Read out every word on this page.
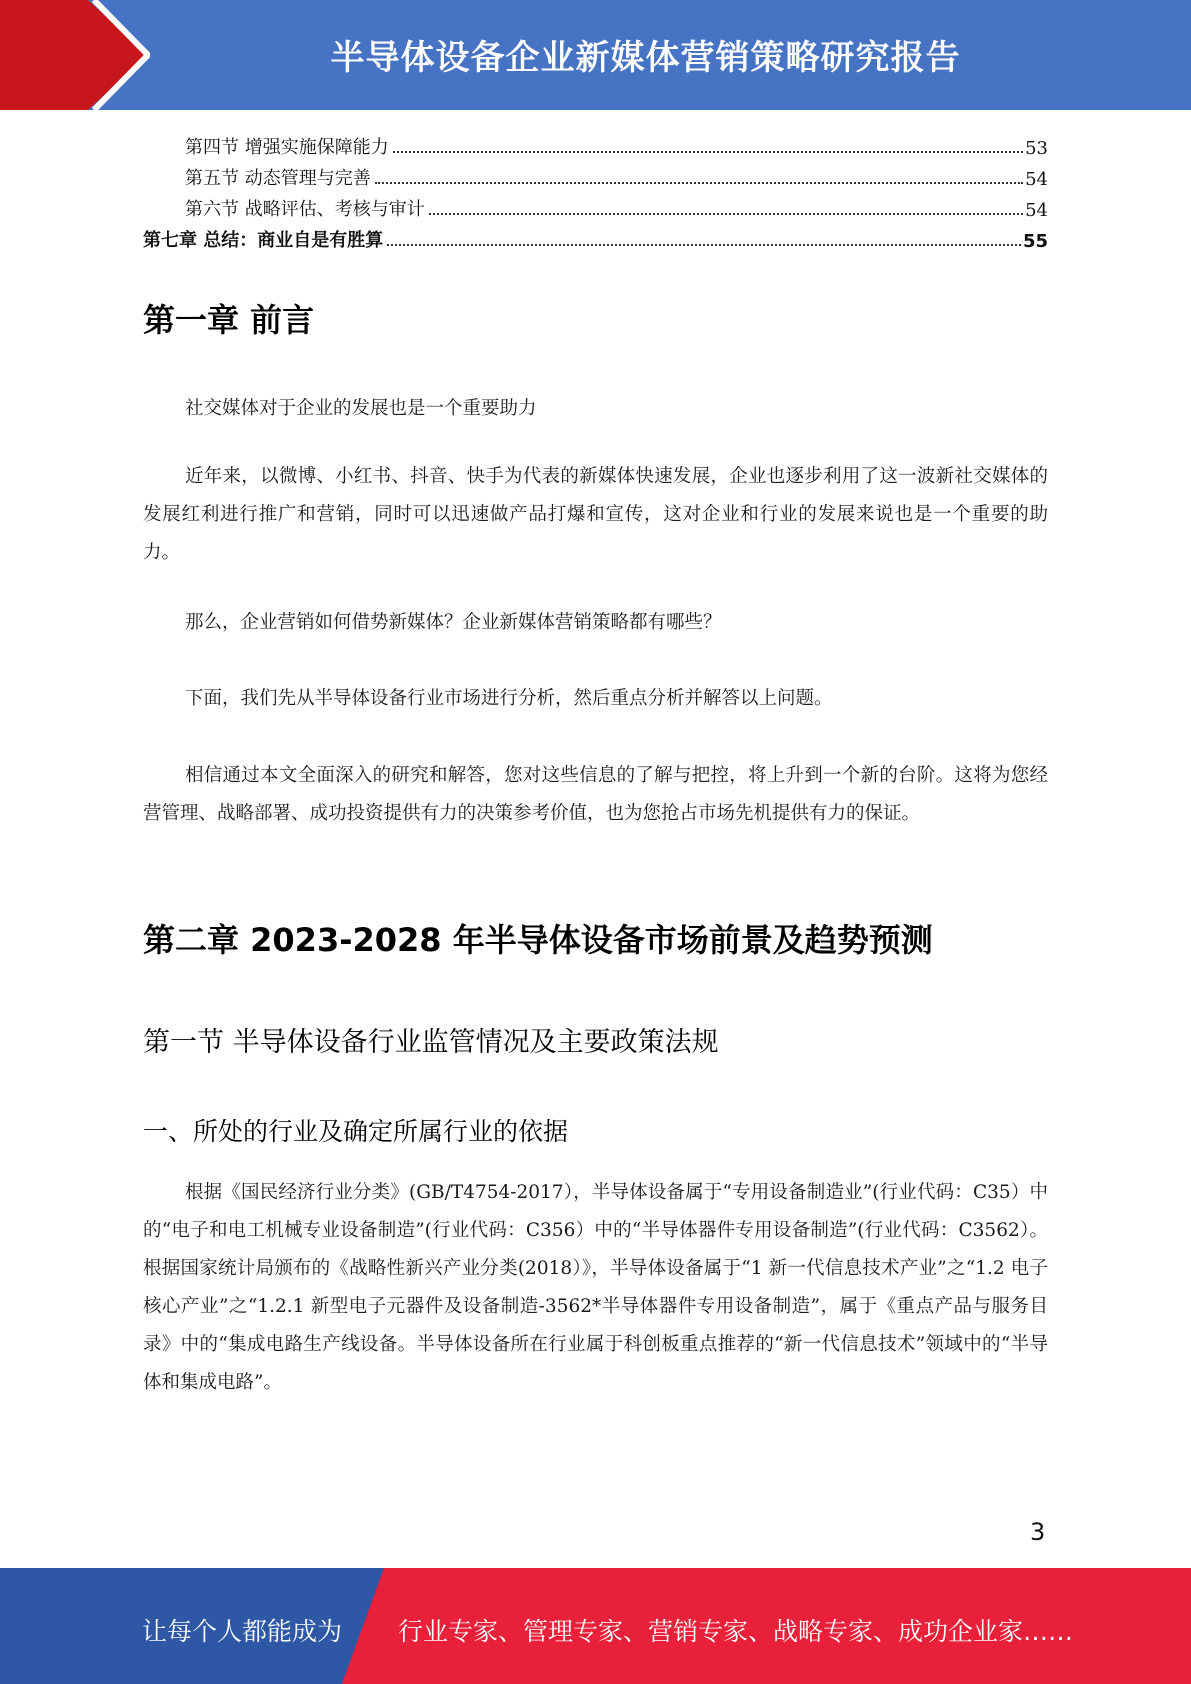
半导体设备企业新媒体营销策略研究报告
第四节 增强实施保障能力	53
第五节 动态管理与完善	54
第六节 战略评估、考核与审计	54
第七章 总结：商业自是有胜算	55
第一章 前言

社交媒体对于企业的发展也是一个重要助力

近年来，以微博、小红书、抖音、快手为代表的新媒体快速发展，企业也逐步利用了这一波新社交媒体的发展红利进行推广和营销，同时可以迅速做产品打爆和宣传，这对企业和行业的发展来说也是一个重要的助力。

那么，企业营销如何借势新媒体？企业新媒体营销策略都有哪些？

下面，我们先从半导体设备行业市场进行分析，然后重点分析并解答以上问题。

相信通过本文全面深入的研究和解答，您对这些信息的了解与把控，将上升到一个新的台阶。这将为您经营管理、战略部署、成功投资提供有力的决策参考价值，也为您抢占市场先机提供有力的保证。

第二章 2023-2028 年半导体设备市场前景及趋势预测
第一节 半导体设备行业监管情况及主要政策法规
一、所处的行业及确定所属行业的依据

根据《国民经济行业分类》(GB/T4754-2017），半导体设备属于“专用设备制造业”(行业代码：C35）中的“电子和电工机械专业设备制造”(行业代码：C356）中的“半导体器件专用设备制造”(行业代码：C3562）。根据国家统计局颁布的《战略性新兴产业分类(2018）》，半导体设备属于“1 新一代信息技术产业”之“1.2 电子核心产业”之“1.2.1 新型电子元器件及设备制造-3562*半导体器件专用设备制造”，属于《重点产品与服务目录》中的“集成电路生产线设备。半导体设备所在行业属于科创板重点推荐的“新一代信息技术”领域中的“半导体和集成电路”。

3
让每个人都能成为 行业专家、管理专家、营销专家、战略专家、成功企业家……
